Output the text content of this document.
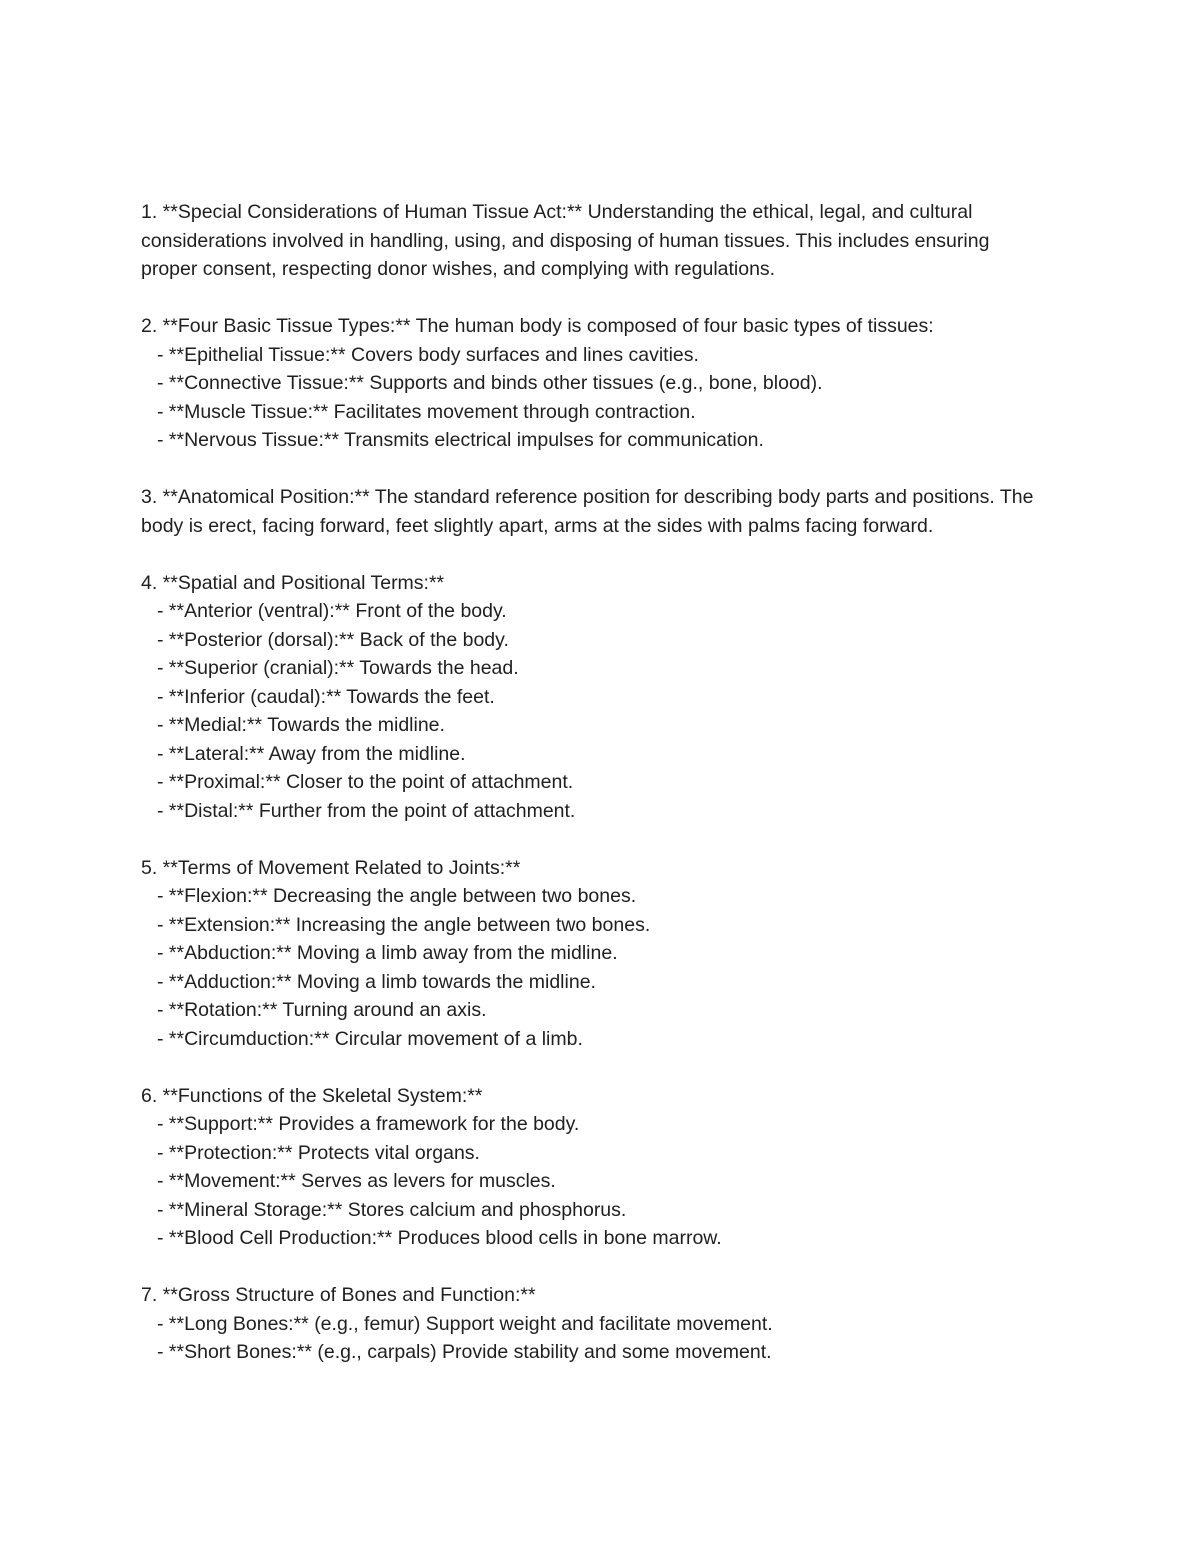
1. **Special Considerations of Human Tissue Act:** Understanding the ethical, legal, and cultural considerations involved in handling, using, and disposing of human tissues. This includes ensuring proper consent, respecting donor wishes, and complying with regulations.
2. **Four Basic Tissue Types:** The human body is composed of four basic types of tissues:
- **Epithelial Tissue:** Covers body surfaces and lines cavities.
- **Connective Tissue:** Supports and binds other tissues (e.g., bone, blood).
- **Muscle Tissue:** Facilitates movement through contraction.
- **Nervous Tissue:** Transmits electrical impulses for communication.
3. **Anatomical Position:** The standard reference position for describing body parts and positions. The body is erect, facing forward, feet slightly apart, arms at the sides with palms facing forward.
4. **Spatial and Positional Terms:**
- **Anterior (ventral):** Front of the body.
- **Posterior (dorsal):** Back of the body.
- **Superior (cranial):** Towards the head.
- **Inferior (caudal):** Towards the feet.
- **Medial:** Towards the midline.
- **Lateral:** Away from the midline.
- **Proximal:** Closer to the point of attachment.
- **Distal:** Further from the point of attachment.
5. **Terms of Movement Related to Joints:**
- **Flexion:** Decreasing the angle between two bones.
- **Extension:** Increasing the angle between two bones.
- **Abduction:** Moving a limb away from the midline.
- **Adduction:** Moving a limb towards the midline.
- **Rotation:** Turning around an axis.
- **Circumduction:** Circular movement of a limb.
6. **Functions of the Skeletal System:**
- **Support:** Provides a framework for the body.
- **Protection:** Protects vital organs.
- **Movement:** Serves as levers for muscles.
- **Mineral Storage:** Stores calcium and phosphorus.
- **Blood Cell Production:** Produces blood cells in bone marrow.
7. **Gross Structure of Bones and Function:**
- **Long Bones:** (e.g., femur) Support weight and facilitate movement.
- **Short Bones:** (e.g., carpals) Provide stability and some movement.
